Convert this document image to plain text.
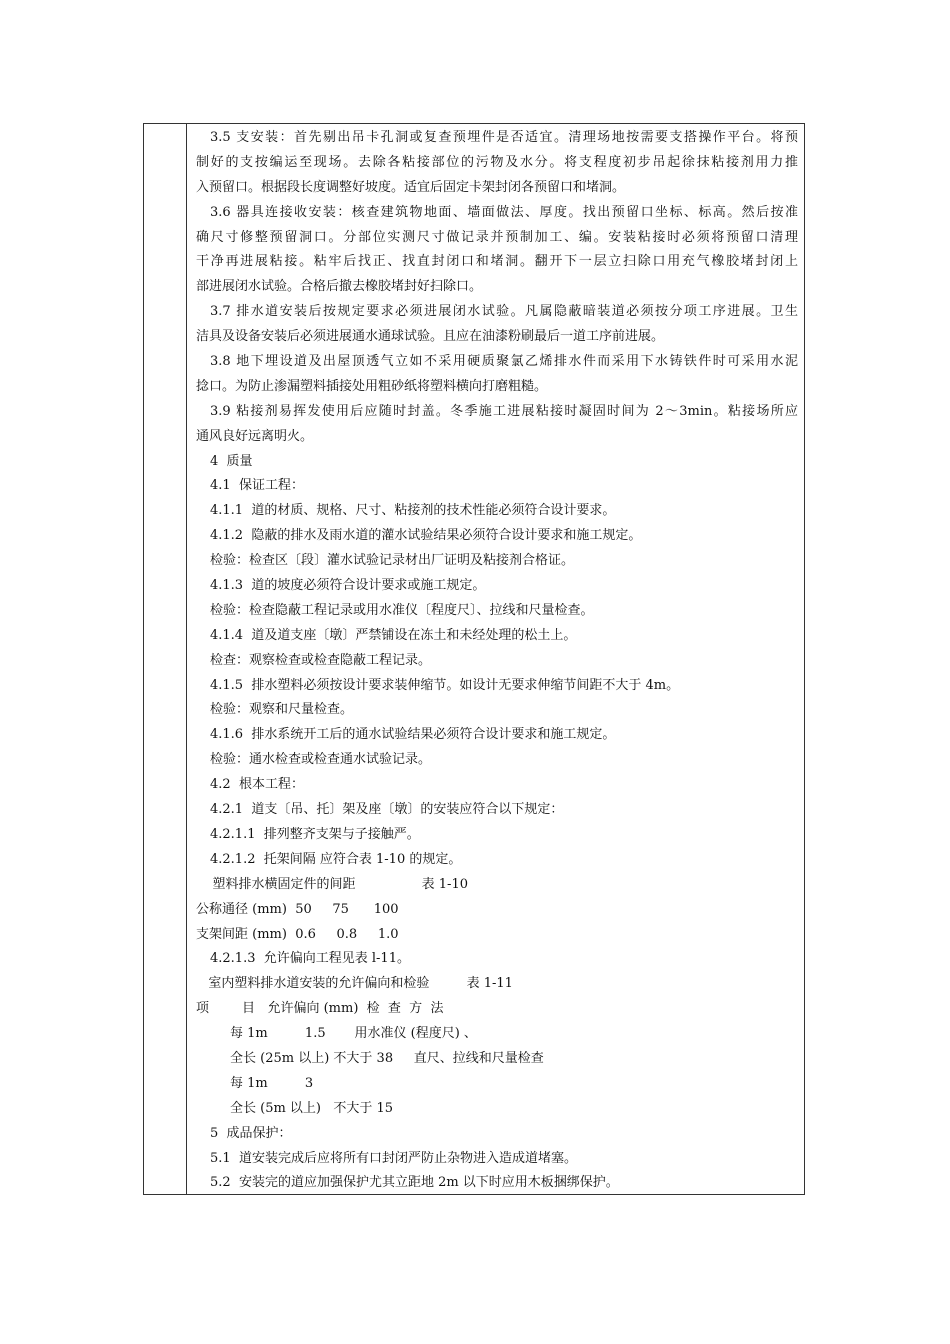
3.5 支安装：首先剔出吊卡孔洞或复查预埋件是否适宜。清理场地按需要支搭操作平台。将预
制好的支按编运至现场。去除各粘接部位的污物及水分。将支程度初步吊起徐抹粘接剂用力推
入预留口。根据段长度调整好坡度。适宜后固定卡架封闭各预留口和堵洞。
3.6 器具连接收安装：核查建筑物地面、墙面做法、厚度。找出预留口坐标、标高。然后按准
确尺寸修整预留洞口。分部位实测尺寸做记录并预制加工、编。安装粘接时必须将预留口清理
干净再进展粘接。粘牢后找正、找直封闭口和堵洞。翻开下一层立扫除口用充气橡胶堵封闭上
部进展闭水试验。合格后撤去橡胶堵封好扫除口。
3.7 排水道安装后按规定要求必须进展闭水试验。凡属隐蔽暗装道必须按分项工序进展。卫生
洁具及设备安装后必须进展通水通球试验。且应在油漆粉刷最后一道工序前进展。
3.8 地下埋设道及出屋顶透气立如不采用硬质聚氯乙烯排水件而采用下水铸铁件时可采用水泥
捻口。为防止渗漏塑料插接处用粗砂纸将塑料横向打磨粗糙。
3.9 粘接剂易挥发使用后应随时封盖。冬季施工进展粘接时凝固时间为 2～3min。粘接场所应
通风良好远离明火。
4  质量
4.1  保证工程：
4.1.1  道的材质、规格、尺寸、粘接剂的技术性能必须符合设计要求。
4.1.2  隐蔽的排水及雨水道的灌水试验结果必须符合设计要求和施工规定。
检验：检查区〔段〕灌水试验记录材出厂证明及粘接剂合格证。
4.1.3  道的坡度必须符合设计要求或施工规定。
检验：检查隐蔽工程记录或用水准仪〔程度尺〕、拉线和尺量检查。
4.1.4  道及道支座〔墩〕严禁铺设在冻土和未经处理的松土上。
检查：观察检查或检查隐蔽工程记录。
4.1.5  排水塑料必须按设计要求装伸缩节。如设计无要求伸缩节间距不大于 4m。
检验：观察和尺量检查。
4.1.6  排水系统开工后的通水试验结果必须符合设计要求和施工规定。
检验：通水检查或检查通水试验记录。
4.2  根本工程：
4.2.1  道支〔吊、托〕架及座〔墩〕的安装应符合以下规定：
4.2.1.1  排列整齐支架与子接触严。
4.2.1.2  托架间隔 应符合表 1-10 的规定。
塑料排水横固定件的间距                表 1-10
公称通径 (mm)  50     75      100
支架间距 (mm)  0.6     0.8     1.0
4.2.1.3  允许偏向工程见表 l-11。
室内塑料排水道安装的允许偏向和检验         表 1-11
项        目   允许偏向 (mm)  检  查  方  法
每 1m         1.5       用水准仪 (程度尺) 、
全长 (25m 以上) 不大于 38     直尺、拉线和尺量检查
每 1m         3
全长 (5m 以上)   不大于 15
5  成品保护：
5.1  道安装完成后应将所有口封闭严防止杂物进入造成道堵塞。
5.2  安装完的道应加强保护尤其立距地 2m 以下时应用木板捆绑保护。
